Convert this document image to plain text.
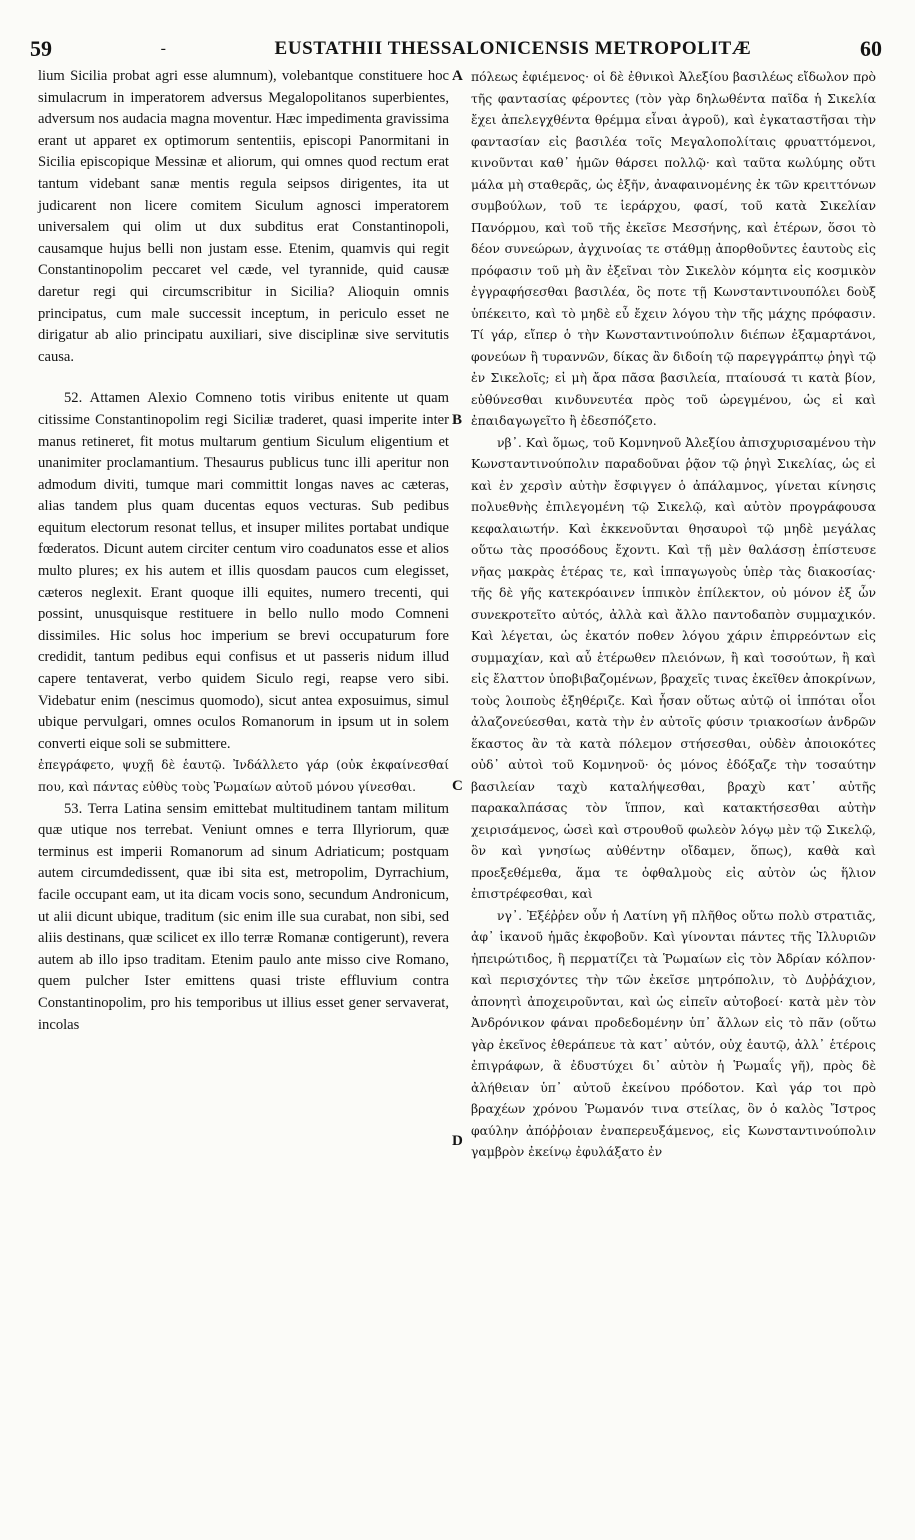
59	-	EUSTATHII THESSALONICENSIS METROPOLITÆ	60

lium Sicilia probat agri esse alumnum), volebantque constituere hoc simulacrum in imperatorem adversus Megalopolitanos superbientes, adversum nos audacia magna moventur. Hæc impedimenta gravissima erant ut apparet ex optimorum sententiis, episcopi Panormitani in Sicilia episcopique Messinæ et aliorum, qui omnes quod rectum erat tantum videbant sanæ mentis regula seipsos dirigentes, ita ut judicarent non licere comitem Siculum agnosci imperatorem universalem qui olim ut dux subditus erat Constantinopoli, causamque hujus belli non justam esse. Etenim, quamvis qui regit Constantinopolim peccaret vel cæde, vel tyrannide, quid causæ daretur regi qui circumscribitur in Sicilia? Alioquin omnis principatus, cum male successit inceptum, in periculo esset ne dirigatur ab alio principatu auxiliari, sive disciplinæ sive servitutis causa.

52. Attamen Alexio Comneno totis viribus enitente ut quam citissime Constantinopolim regi Siciliæ traderet, quasi imperite inter manus retineret, fit motus multarum gentium Siculum eligentium et unanimiter proclamantium. Thesaurus publicus tunc illi aperitur non admodum diviti, tumque mari committit longas naves ac cæteras, alias tandem plus quam ducentas equos vecturas. Sub pedibus equitum electorum resonat tellus, et insuper milites portabat undique fœderatos. Dicunt autem circiter centum viro coadunatos esse et alios multo plures; ex his autem et illis quosdam paucos cum elegisset, cæteros neglexit. Erant quoque illi equites, numero trecenti, qui possint, unusquisque restituere in bello nullo modo Comneni dissimiles. Hic solus hoc imperium se brevi occupaturum fore credidit, tantum pedibus equi confisus et ut passeris nidum illud capere tentaverat, verbo quidem Siculo regi, reapse vero sibi. Videbatur enim (nescimus quomodo), sicut antea exposuimus, simul ubique pervulgari, omnes oculos Romanorum in ipsum ut in solem converti eique soli se submittere.

ἐπεγράφετο, ψυχῇ δὲ ἑαυτῷ. Ἰνδάλλετο γάρ (οὐκ ἐκφαίνεσθαί που, καὶ πάντας εὐθὺς τοὺς Ῥωμαίων αὐτοῦ μόνου γίνεσθαι.

53. Terra Latina sensim emittebat multitudinem tantam militum quæ utique nos terrebat. Veniunt omnes e terra Illyriorum, quæ terminus est imperii Romanorum ad sinum Adriaticum; postquam autem circumdedissent, quæ ibi sita est, metropolim, Dyrrachium, facile occupant eam, ut ita dicam vocis sono, secundum Andronicum, ut alii dicunt ubique, traditum (sic enim ille sua curabat, non sibi, sed aliis destinans, quæ scilicet ex illo terræ Romanæ contigerunt), revera autem ab illo ipso traditam. Etenim paulo ante misso cive Romano, quem pulcher Ister emittens quasi triste effluvium contra Constantinopolim, pro his temporibus ut illius esset gener servaverat, incolas

πόλεως ἐφιέμενος· οἱ δὲ ἐθνικοὶ Ἀλεξίου βασιλέως εἴδωλον πρὸ τῆς φαντασίας φέροντες (τὸν γὰρ δηλωθέντα παῖδα ἡ Σικελία ἔχει ἀπελεγχθέντα θρέμμα εἶναι ἀγροῦ), καὶ ἐγκαταστῆσαι τὴν φαντασίαν εἰς βασιλέα τοῖς Μεγαλοπολίταις φρυαττόμενοι, κινοῦνται καθ᾽ ἡμῶν θάρσει πολλῷ· καὶ ταῦτα κωλύμης οὔτι μάλα μὴ σταθερᾶς, ὡς ἐξῆν, ἀναφαινομένης ἐκ τῶν κρειττόνων συμβούλων, τοῦ τε ἱεράρχου, φασί, τοῦ κατὰ Σικελίαν Πανόρμου, καὶ τοῦ τῆς ἐκεῖσε Μεσσήνης, καὶ ἑτέρων, ὅσοι τὸ δέον συνεώρων, ἀγχινοίας τε στάθμῃ ἀπορθοῦντες ἑαυτοὺς εἰς πρόφασιν τοῦ μὴ ἂν ἐξεῖναι τὸν Σικελὸν κόμητα εἰς κοσμικὸν ἐγγραφήσεσθαι βασιλέα, ὃς ποτε τῇ Κωνσταντινουπόλει δοὺξ ὑπέκειτο, καὶ τὸ μηδὲ εὖ ἔχειν λόγου τὴν τῆς μάχης πρόφασιν. Τί γάρ, εἴπερ ὁ τὴν Κωνσταντινούπολιν διέπων ἐξαμαρτάνοι, φονεύων ἢ τυραννῶν, δίκας ἂν διδοίη τῷ παρεγγράπτῳ ῥηγὶ τῷ ἐν Σικελοῖς; εἰ μὴ ἄρα πᾶσα βασιλεία, πταίουσά τι κατὰ βίον, εὐθύνεσθαι κινδυνευτέα πρὸς τοῦ ὠρεγμένου, ὡς εἰ καὶ ἐπαιδαγωγεῖτο ἢ ἐδεσπόζετο.

νβ᾽. Καὶ ὅμως, τοῦ Κομνηνοῦ Ἀλεξίου ἀπισχυρισαμένου τὴν Κωνσταντινούπολιν παραδοῦναι ῥᾷον τῷ ῥηγὶ Σικελίας, ὡς εἰ καὶ ἐν χερσὶν αὐτὴν ἔσφιγγεν ὁ ἀπάλαμνος, γίνεται κίνησις πολυεθνὴς ἐπιλεγομένη τῷ Σικελῷ, καὶ αὐτὸν προγράφουσα κεφαλαιωτήν. Καὶ ἐκκενοῦνται θησαυροὶ τῷ μηδὲ μεγάλας οὕτω τὰς προσόδους ἔχοντι. Καὶ τῇ μὲν θαλάσσῃ ἐπίστευσε νῆας μακρὰς ἑτέρας τε, καὶ ἱππαγωγοὺς ὑπὲρ τὰς διακοσίας· τῆς δὲ γῆς κατεκρόαινεν ἱππικὸν ἐπίλεκτον, οὐ μόνον ἐξ ὧν συνεκροτεῖτο αὐτός, ἀλλὰ καὶ ἄλλο παντοδαπὸν συμμαχικόν. Καὶ λέγεται, ὡς ἑκατόν ποθεν λόγου χάριν ἐπιρρεόντων εἰς συμμαχίαν, καὶ αὖ ἑτέρωθεν πλειόνων, ἢ καὶ τοσούτων, ἢ καὶ εἰς ἔλαττον ὑποβιβαζομένων, βραχεῖς τινας ἐκεῖθεν ἀποκρίνων, τοὺς λοιποὺς ἐξηθέριζε. Καὶ ἦσαν οὕτως αὐτῷ οἱ ἱππόται οἷοι ἀλαζονεύεσθαι, κατὰ τὴν ἐν αὐτοῖς φύσιν τριακοσίων ἀνδρῶν ἕκαστος ἂν τὰ κατὰ πόλεμον στήσεσθαι, οὐδὲν ἀποιοκότες οὐδ᾽ αὐτοὶ τοῦ Κομνηνοῦ· ὁς μόνος ἐδόξαζε τὴν τοσαύτην βασιλείαν ταχὺ καταλήψεσθαι, βραχὺ κατ᾽ αὐτῆς παρακαλπάσας τὸν ἵππον, καὶ κατακτήσεσθαι αὐτὴν χειρισάμενος, ὡσεὶ καὶ στρουθοῦ φωλεὸν λόγῳ μὲν τῷ Σικελῷ, ὃν καὶ γνησίως αὐθέντην οἴδαμεν, ὅπως), καθὰ καὶ προεξεθέμεθα, ἅμα τε ὀφθαλμοὺς εἰς αὐτὸν ὡς ἥλιον ἐπιστρέφεσθαι, καὶ

νγ᾽. Ἐξέῤῥεν οὖν ἡ Λατίνη γῆ πλῆθος οὕτω πολὺ στρατιᾶς, ἀφ᾽ ἱκανοῦ ἡμᾶς ἐκφοβοῦν. Καὶ γίνονται πάντες τῆς Ἰλλυριῶν ἠπειρώτιδος, ἣ περματίζει τὰ Ῥωμαίων εἰς τὸν Ἀδρίαν κόλπον· καὶ περισχόντες τὴν τῶν ἐκεῖσε μητρόπολιν, τὸ Δυῤῥάχιον, ἀπονητὶ ἀποχειροῦνται, καὶ ὡς εἰπεῖν αὐτοβοεί· κατὰ μὲν τὸν Ἀνδρόνικον φάναι προδεδομένην ὑπ᾽ ἄλλων εἰς τὸ πᾶν (οὕτω γὰρ ἐκεῖνος ἐθεράπευε τὰ κατ᾽ αὐτόν, οὐχ ἑαυτῷ, ἀλλ᾽ ἑτέροις ἐπιγράφων, ἃ ἐδυστύχει δι᾽ αὐτὸν ἡ Ῥωμαΐς γῆ), πρὸς δὲ ἀλήθειαν ὑπ᾽ αὐτοῦ ἐκείνου πρόδοτον. Καὶ γάρ τοι πρὸ βραχέων χρόνου Ῥωμανόν τινα στείλας, ὃν ὁ καλὸς Ἴστρος φαύλην ἀπόῤῥοιαν ἐναπερευξάμενος, εἰς Κωνσταντινούπολιν γαμβρὸν ἐκείνῳ ἐφυλάξατο ἐν

A
B
C
D
